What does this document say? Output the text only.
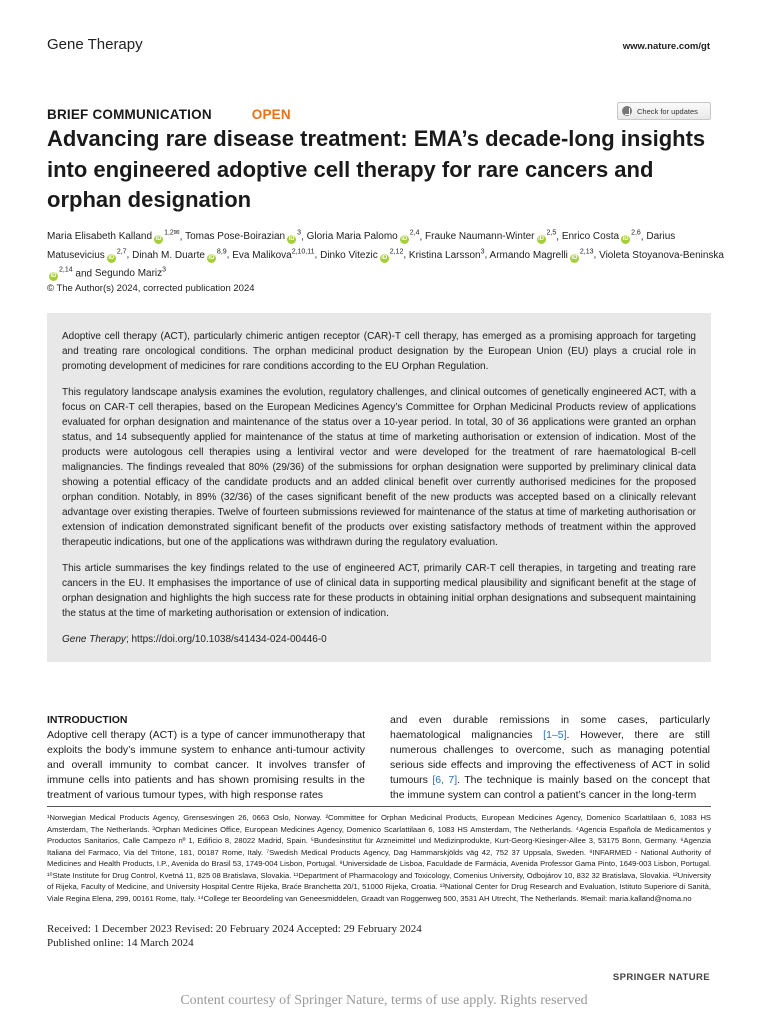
Gene Therapy	www.nature.com/gt
BRIEF COMMUNICATION	OPEN	Check for updates
Advancing rare disease treatment: EMA’s decade-long insights into engineered adoptive cell therapy for rare cancers and orphan designation
Maria Elisabeth Kalland $iD^{1,2✉}$, Tomas Pose-Boirazian $iD^3$, Gloria Maria Palomo iD$^{2,4}$, Frauke Naumann-Winter iD$^{2,5}$, Enrico Costa iD$^{2,6}$, Darius Matusevicius iD$^{2,7}$, Dinah M. Duarte iD$^{8,9}$, Eva Malikova$^{2,10,11}$, Dinko Vitezic iD$^{2,12}$, Kristina Larsson$^3$, Armando Magrelli iD$^{2,13}$, Violeta Stoyanova-BeninskaiD$^{2,14}$ and Segundo Mariz$^3$
© The Author(s) 2024, corrected publication 2024

Adoptive cell therapy (ACT), particularly chimeric antigen receptor (CAR)-T cell therapy, has emerged as a promising approach for targeting and treating rare oncological conditions. The orphan medicinal product designation by the European Union (EU) plays a crucial role in promoting development of medicines for rare conditions according to the EU Orphan Regulation.

This regulatory landscape analysis examines the evolution, regulatory challenges, and clinical outcomes of genetically engineered ACT, with a focus on CAR-T cell therapies, based on the European Medicines Agency’s Committee for Orphan Medicinal Products review of applications evaluated for orphan designation and maintenance of the status over a 10-year period. In total, 30 of 36 applications were granted an orphan status, and 14 subsequently applied for maintenance of the status at time of marketing authorisation or extension of indication. Most of the products were autologous cell therapies using a lentiviral vector and were developed for the treatment of rare haematological B-cell malignancies. The findings revealed that 80% (29/36) of the submissions for orphan designation were supported by preliminary clinical data showing a potential efficacy of the candidate products and an added clinical benefit over currently authorised medicines for the proposed orphan condition. Notably, in 89% (32/36) of the cases significant benefit of the new products was accepted based on a clinically relevant advantage over existing therapies. Twelve of fourteen submissions reviewed for maintenance of the status at time of marketing authorisation or extension of indication demonstrated significant benefit of the products over existing satisfactory methods of treatment within the approved therapeutic indications, but one of the applications was withdrawn during the regulatory evaluation.

This article summarises the key findings related to the use of engineered ACT, primarily CAR-T cell therapies, in targeting and treating rare cancers in the EU. It emphasises the importance of use of clinical data in supporting medical plausibility and significant benefit at the stage of orphan designation and highlights the high success rate for these products in obtaining initial orphan designations and subsequent maintaining the status at the time of marketing authorisation or extension of indication.

Gene Therapy; https://doi.org/10.1038/s41434-024-00446-0

INTRODUCTION
Adoptive cell therapy (ACT) is a type of cancer immunotherapy that exploits the body’s immune system to enhance anti-tumour activity and overall immunity to combat cancer. It involves transfer of immune cells into patients and has shown promising results in the treatment of various tumour types, with high response rates
and even durable remissions in some cases, particularly haematological malignancies [1–5]. However, there are still numerous challenges to overcome, such as managing potential serious side effects and improving the effectiveness of ACT in solid tumours [6, 7]. The technique is mainly based on the concept that the immune system can control a patient’s cancer in the long-term
¹Norwegian Medical Products Agency, Grensesvingen 26, 0663 Oslo, Norway. ²Committee for Orphan Medicinal Products, European Medicines Agency, Domenico Scarlattilaan 6, 1083 HS Amsterdam, The Netherlands. ³Orphan Medicines Office, European Medicines Agency, Domenico Scarlattilaan 6, 1083 HS Amsterdam, The Netherlands. ⁴Agencia Española de Medicamentos y Productos Sanitarios, Calle Campezo nº 1, Edificio 8, 28022 Madrid, Spain. ⁵Bundesinstitut für Arzneimittel und Medizinprodukte, Kurt-Georg-Kiesinger-Allee 3, 53175 Bonn, Germany. ⁶Agenzia Italiana del Farmaco, Via del Tritone, 181, 00187 Rome, Italy. ⁷Swedish Medical Products Agency, Dag Hammarskjölds väg 42, 752 37 Uppsala, Sweden. ⁸INFARMED - National Authority of Medicines and Health Products, I.P., Avenida do Brasil 53, 1749-004 Lisbon, Portugal. ⁹Universidade de Lisboa, Faculdade de Farmácia, Avenida Professor Gama Pinto, 1649-003 Lisbon, Portugal. ¹⁰State Institute for Drug Control, Kvetná 11, 825 08 Bratislava, Slovakia. ¹¹Department of Pharmacology and Toxicology, Comenius University, Odbojárov 10, 832 32 Bratislava, Slovakia. ¹²University of Rijeka, Faculty of Medicine, and University Hospital Centre Rijeka, Braće Branchetta 20/1, 51000 Rijeka, Croatia. ¹³National Center for Drug Research and Evaluation, Istituto Superiore di Sanità, Viale Regina Elena, 299, 00161 Rome, Italy. ¹⁴College ter Beoordeling van Geneesmiddelen, Graadt van Roggenweg 500, 3531 AH Utrecht, The Netherlands. ✉email: maria.kalland@noma.no
Received: 1 December 2023 Revised: 20 February 2024 Accepted: 29 February 2024
Published online: 14 March 2024
SPRINGER NATURE
Content courtesy of Springer Nature, terms of use apply. Rights reserved
